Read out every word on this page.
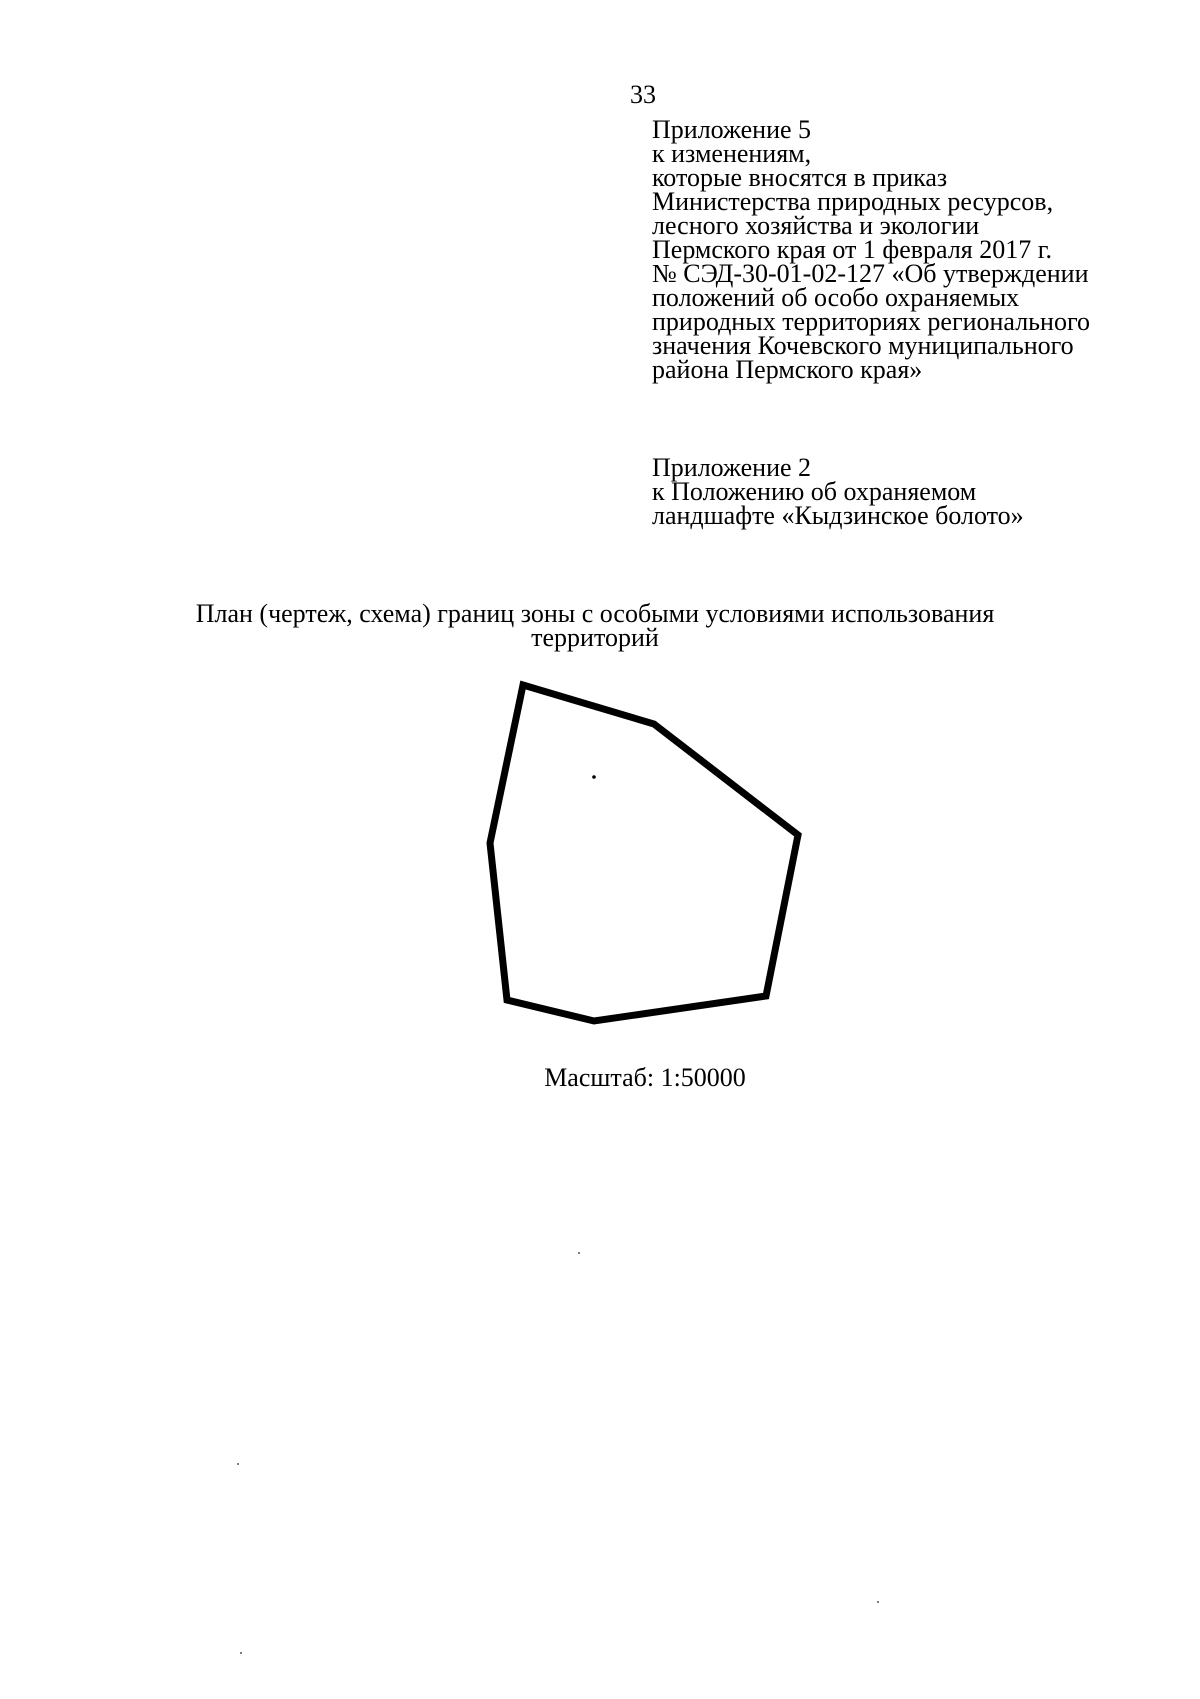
33
Приложение 5
к изменениям,
которые вносятся в приказ
Министерства природных ресурсов,
лесного хозяйства и экологии
Пермского края от 1 февраля 2017 г.
№ СЭД-30-01-02-127 «Об утверждении
положений об особо охраняемых
природных территориях регионального
значения Кочевского муниципального
района Пермского края»
Приложение 2
к Положению об охраняемом
ландшафте «Кыдзинское болото»
План (чертеж, схема) границ зоны с особыми условиями использования
территорий
Масштаб: 1:50000
